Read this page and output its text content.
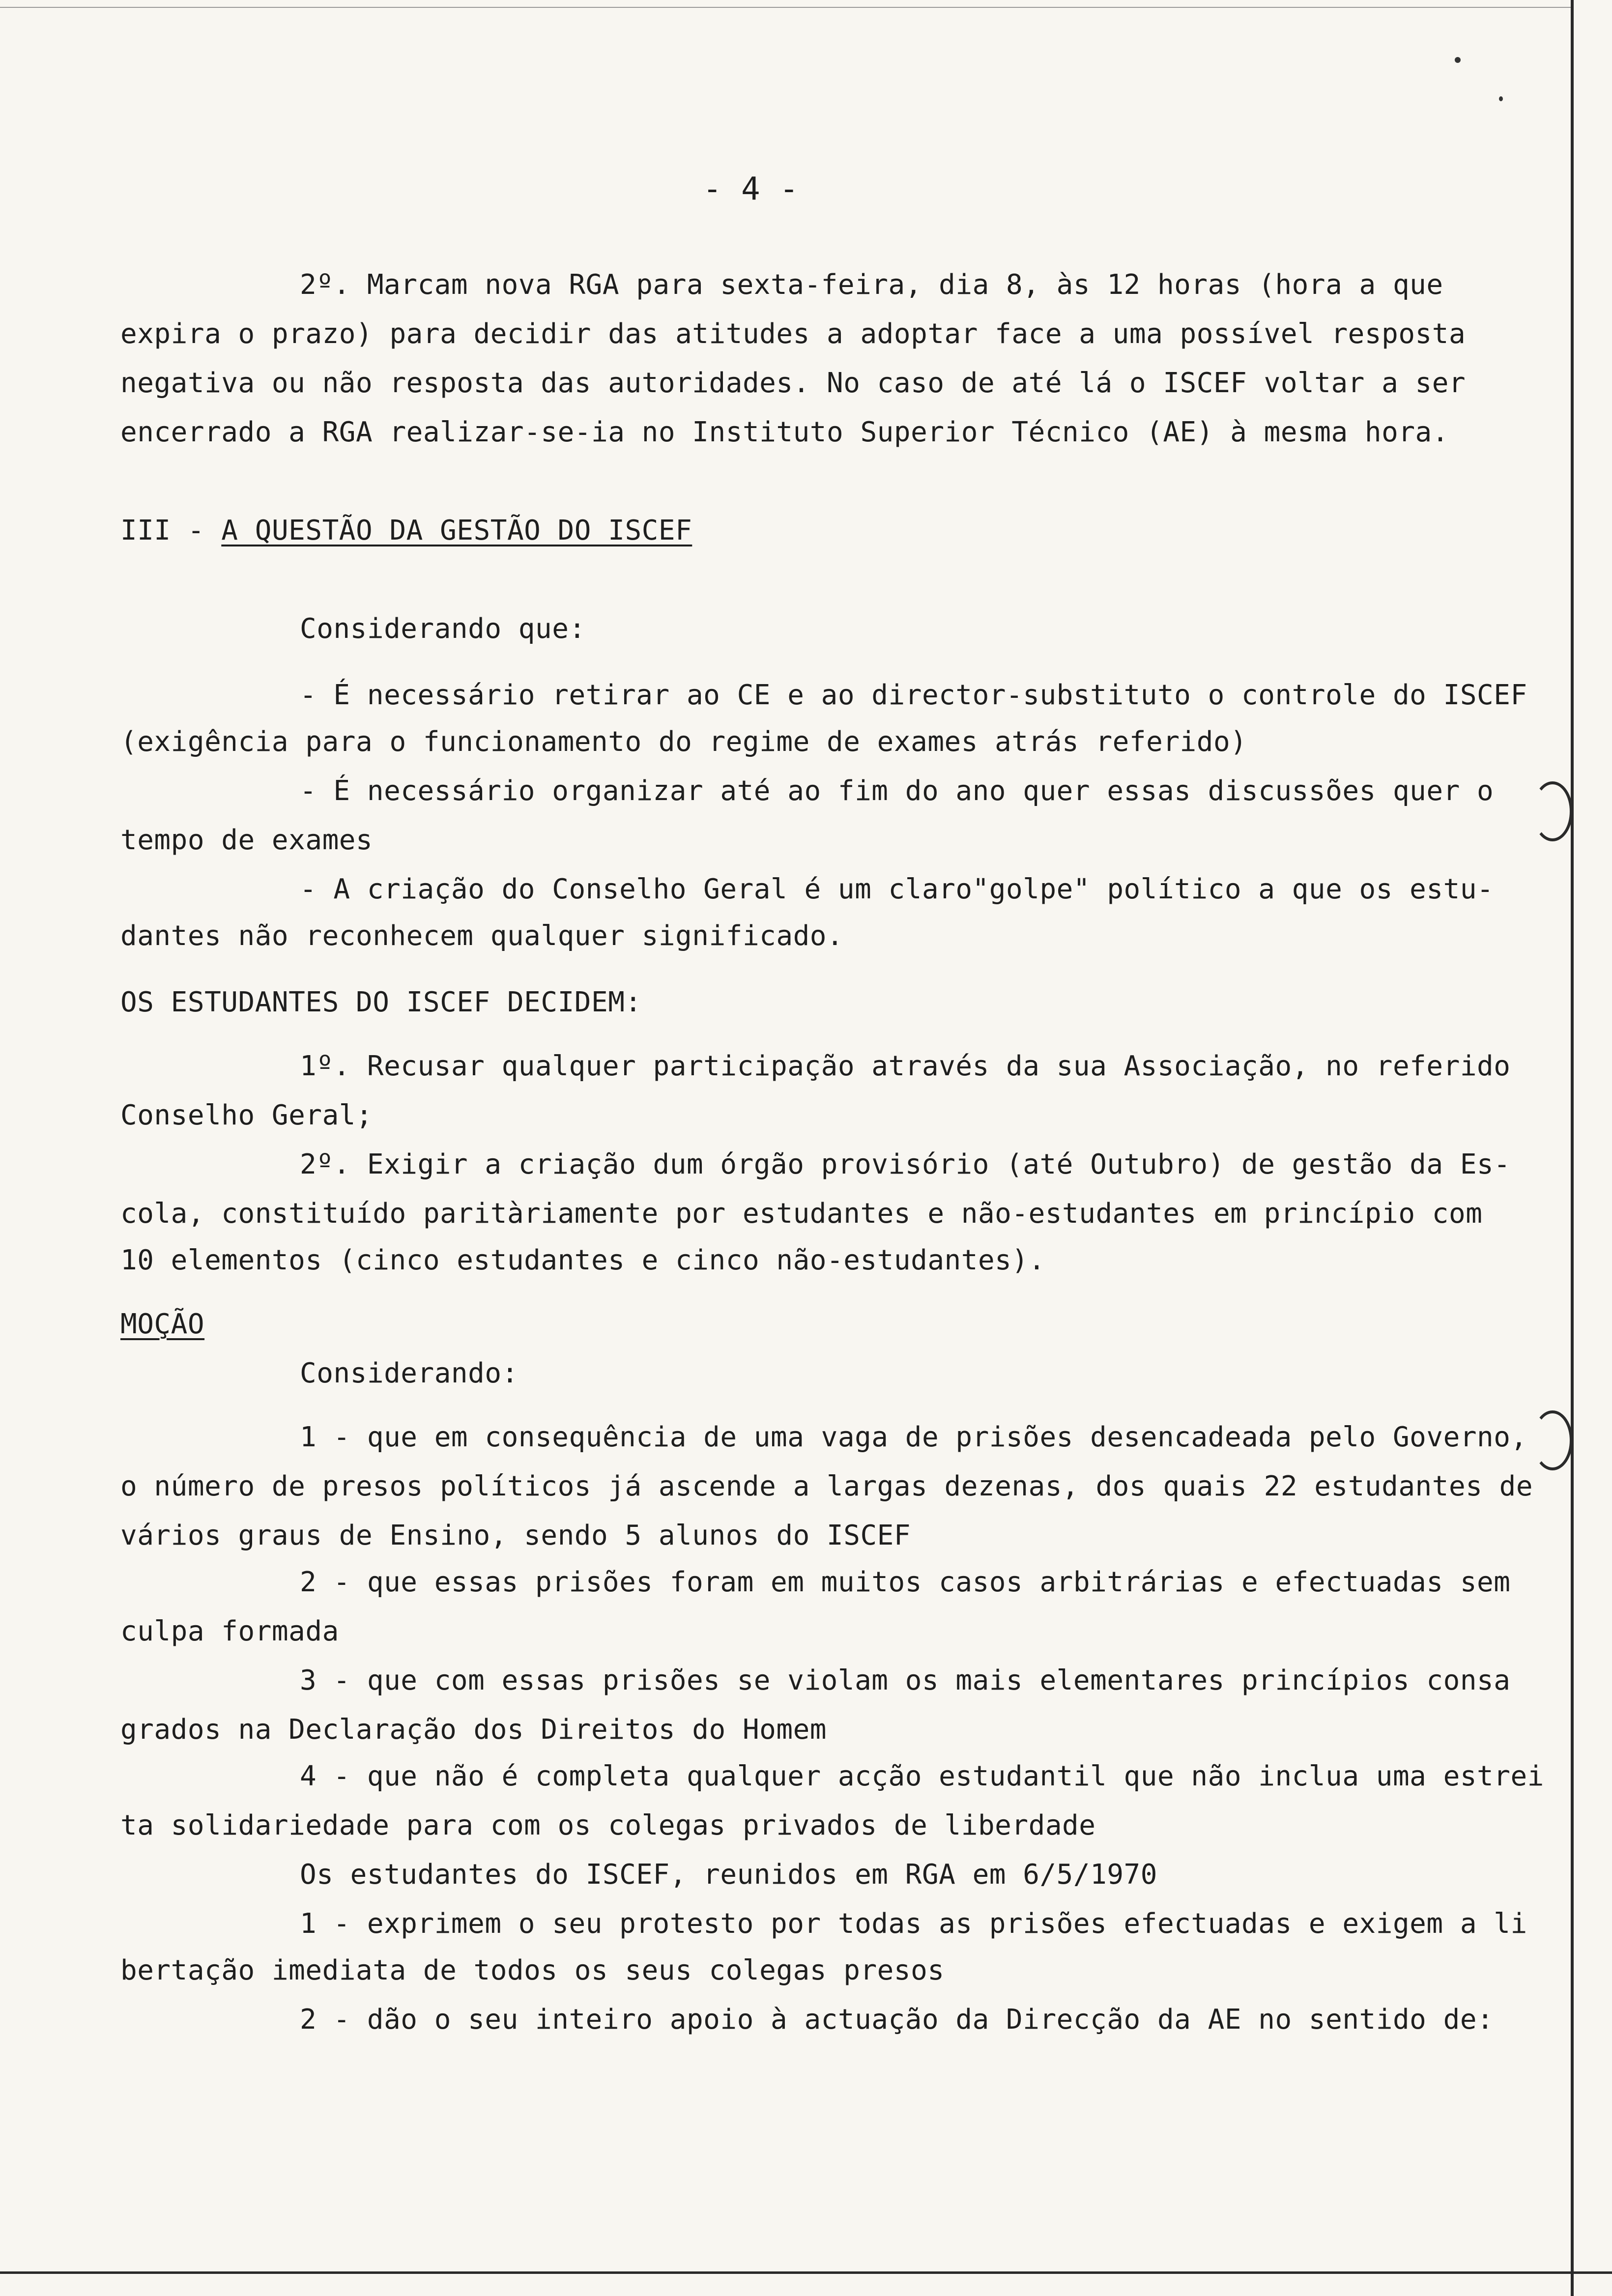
- 4 -
2º. Marcam nova RGA para sexta-feira, dia 8, às 12 horas (hora a que
expira o prazo) para decidir das atitudes a adoptar face a uma possível resposta
negativa ou não resposta das autoridades. No caso de até lá o ISCEF voltar a ser
encerrado a RGA realizar-se-ia no Instituto Superior Técnico (AE) à mesma hora.
III - A QUESTÃO DA GESTÃO DO ISCEF
Considerando que:
- É necessário retirar ao CE e ao director-substituto o controle do ISCEF
(exigência para o funcionamento do regime de exames atrás referido)
- É necessário organizar até ao fim do ano quer essas discussões quer o
tempo de exames
- A criação do Conselho Geral é um claro"golpe" político a que os estu-
dantes não reconhecem qualquer significado.
OS ESTUDANTES DO ISCEF DECIDEM:
1º. Recusar qualquer participação através da sua Associação, no referido
Conselho Geral;
2º. Exigir a criação dum órgão provisório (até Outubro) de gestão da Es-
cola, constituído paritàriamente por estudantes e não-estudantes em princípio com
10 elementos (cinco estudantes e cinco não-estudantes).
MOÇÃO
Considerando:
1 - que em consequência de uma vaga de prisões desencadeada pelo Governo,
o número de presos políticos já ascende a largas dezenas, dos quais 22 estudantes de
vários graus de Ensino, sendo 5 alunos do ISCEF
2 - que essas prisões foram em muitos casos arbitrárias e efectuadas sem
culpa formada
3 - que com essas prisões se violam os mais elementares princípios consa
grados na Declaração dos Direitos do Homem
4 - que não é completa qualquer acção estudantil que não inclua uma estrei
ta solidariedade para com os colegas privados de liberdade
Os estudantes do ISCEF, reunidos em RGA em 6/5/1970
1 - exprimem o seu protesto por todas as prisões efectuadas e exigem a li
bertação imediata de todos os seus colegas presos
2 - dão o seu inteiro apoio à actuação da Direcção da AE no sentido de:
